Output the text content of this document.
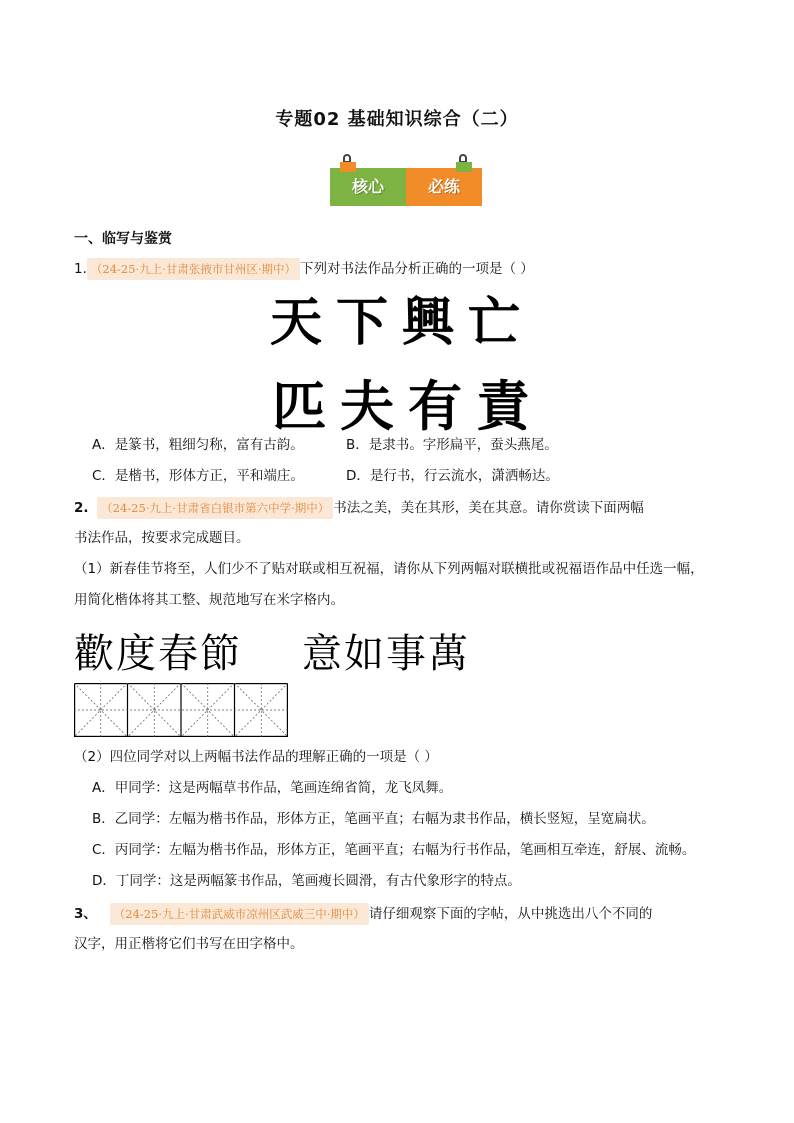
专题02 基础知识综合（二）
核心	必练
一、临写与鉴赏
1. （24-25·九上·甘肃张掖市甘州区·期中） 下列对书法作品分析正确的一项是（ ）
天下興亡
匹夫有責
A．是篆书，粗细匀称，富有古韵。	B．是隶书。字形扁平，蚕头燕尾。
C．是楷书，形体方正，平和端庄。	D．是行书，行云流水，潇洒畅达。
2. （24-25·九上·甘肃省白银市第六中学·期中） 书法之美，美在其形，美在其意。请你赏读下面两幅
书法作品，按要求完成题目。
（1）新春佳节将至，人们少不了贴对联或相互祝福，请你从下列两幅对联横批或祝福语作品中任选一幅，
用简化楷体将其工整、规范地写在米字格内。
歡度春節 意如事萬
（2）四位同学对以上两幅书法作品的理解正确的一项是（ ）
A．甲同学：这是两幅草书作品，笔画连绵省简，龙飞凤舞。
B．乙同学：左幅为楷书作品，形体方正，笔画平直；右幅为隶书作品，横长竖短，呈宽扁状。
C．丙同学：左幅为楷书作品，形体方正，笔画平直；右幅为行书作品，笔画相互牵连，舒展、流畅。
D．丁同学：这是两幅篆书作品，笔画瘦长圆滑，有古代象形字的特点。
3、 （24-25·九上·甘肃武威市凉州区武威三中·期中） 请仔细观察下面的字帖，从中挑选出八个不同的
汉字，用正楷将它们书写在田字格中。
